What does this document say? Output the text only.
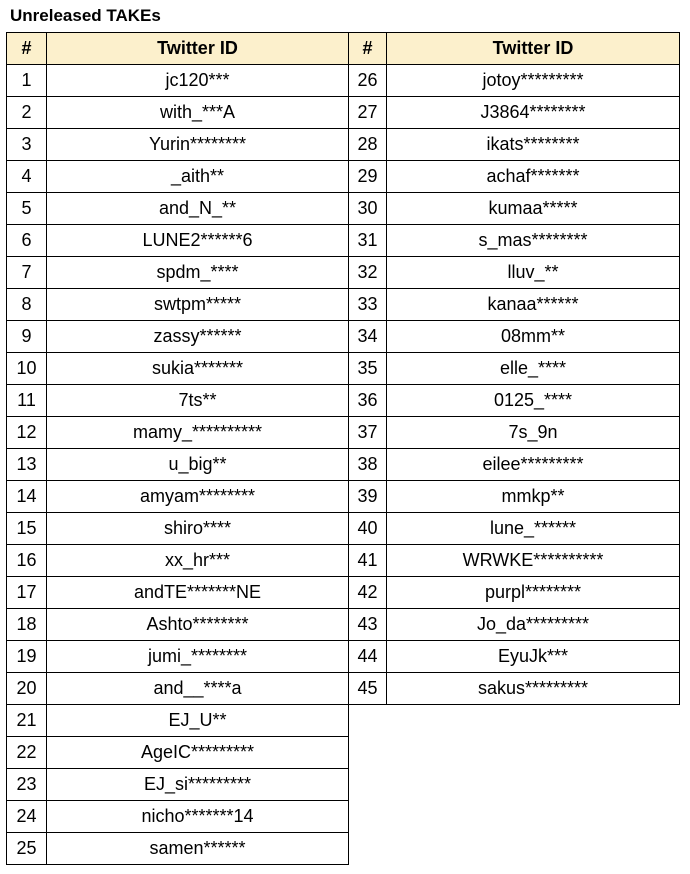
Unreleased TAKEs
#	Twitter ID
1	jc120***
2	with_***A
3	Yurin********
4	_aith**
5	and_N_**
6	LUNE2******6
7	spdm_****
8	swtpm*****
9	zassy******
10	sukia*******
11	7ts**
12	mamy_**********
13	u_big**
14	amyam********
15	shiro****
16	xx_hr***
17	andTE*******NE
18	Ashto********
19	jumi_********
20	and__****a
21	EJ_U**
22	AgeIC*********
23	EJ_si*********
24	nicho*******14
25	samen******
#	Twitter ID
26	jotoy*********
27	J3864********
28	ikats********
29	achaf*******
30	kumaa*****
31	s_mas********
32	lluv_**
33	kanaa******
34	08mm**
35	elle_****
36	0125_****
37	7s_9n
38	eilee*********
39	mmkp**
40	lune_******
41	WRWKE**********
42	purpl********
43	Jo_da*********
44	EyuJk***
45	sakus*********
